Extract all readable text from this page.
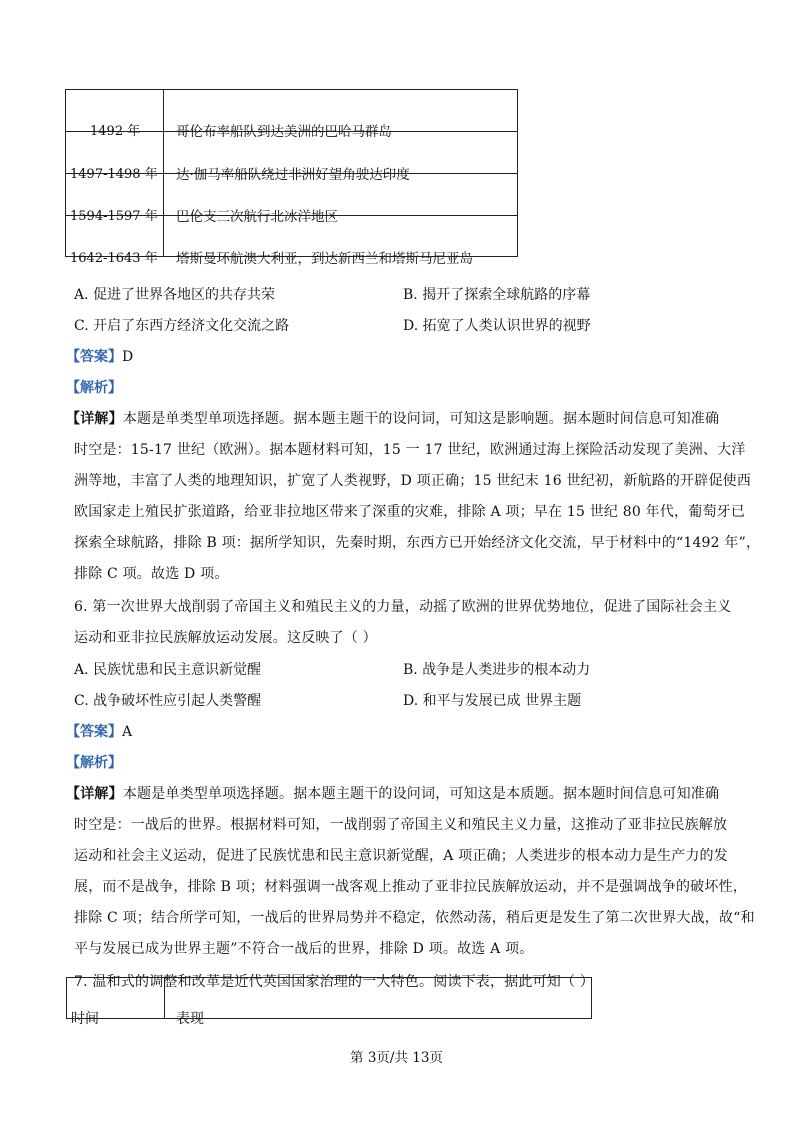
1492 年	哥伦布率船队到达美洲的巴哈马群岛
1497-1498 年	达·伽马率船队绕过非洲好望角驶达印度
1594-1597 年	巴伦支三次航行北冰洋地区
1642-1643 年	塔斯曼环航澳大利亚，到达新西兰和塔斯马尼亚岛
A. 促进了世界各地区的共存共荣	B. 揭开了探索全球航路的序幕
C. 开启了东西方经济文化交流之路	D. 拓宽了人类认识世界的视野
【答案】D
【解析】
【详解】本题是单类型单项选择题。据本题主题干的设问词，可知这是影响题。据本题时间信息可知准确
时空是：15-17 世纪（欧洲）。据本题材料可知，15 一 17 世纪，欧洲通过海上探险活动发现了美洲、大洋
洲等地，丰富了人类的地理知识，扩宽了人类视野，D 项正确；15 世纪末 16 世纪初，新航路的开辟促使西
欧国家走上殖民扩张道路，给亚非拉地区带来了深重的灾难，排除 A 项；早在 15 世纪 80 年代，葡萄牙已
探索全球航路，排除 B 项：据所学知识，先秦时期，东西方已开始经济文化交流，早于材料中的“1492 年”，
排除 C 项。故选 D 项。
6. 第一次世界大战削弱了帝国主义和殖民主义的力量，动摇了欧洲的世界优势地位，促进了国际社会主义
运动和亚非拉民族解放运动发展。这反映了（ ）
A. 民族忧患和民主意识新觉醒	B. 战争是人类进步的根本动力
C. 战争破坏性应引起人类警醒	D. 和平与发展已成 世界主题
【答案】A
【解析】
【详解】本题是单类型单项选择题。据本题主题干的设问词，可知这是本质题。据本题时间信息可知准确
时空是：一战后的世界。根据材料可知，一战削弱了帝国主义和殖民主义力量，这推动了亚非拉民族解放
运动和社会主义运动，促进了民族忧患和民主意识新觉醒，A 项正确；人类进步的根本动力是生产力的发
展，而不是战争，排除 B 项；材料强调一战客观上推动了亚非拉民族解放运动，并不是强调战争的破坏性，
排除 C 项；结合所学可知，一战后的世界局势并不稳定，依然动荡，稍后更是发生了第二次世界大战，故“和
平与发展已成为世界主题”不符合一战后的世界，排除 D 项。故选 A 项。
时间	表现
7. 温和式的调整和改革是近代英国国家治理的一大特色。阅读下表，据此可知（ ）
第 3页/共 13页
